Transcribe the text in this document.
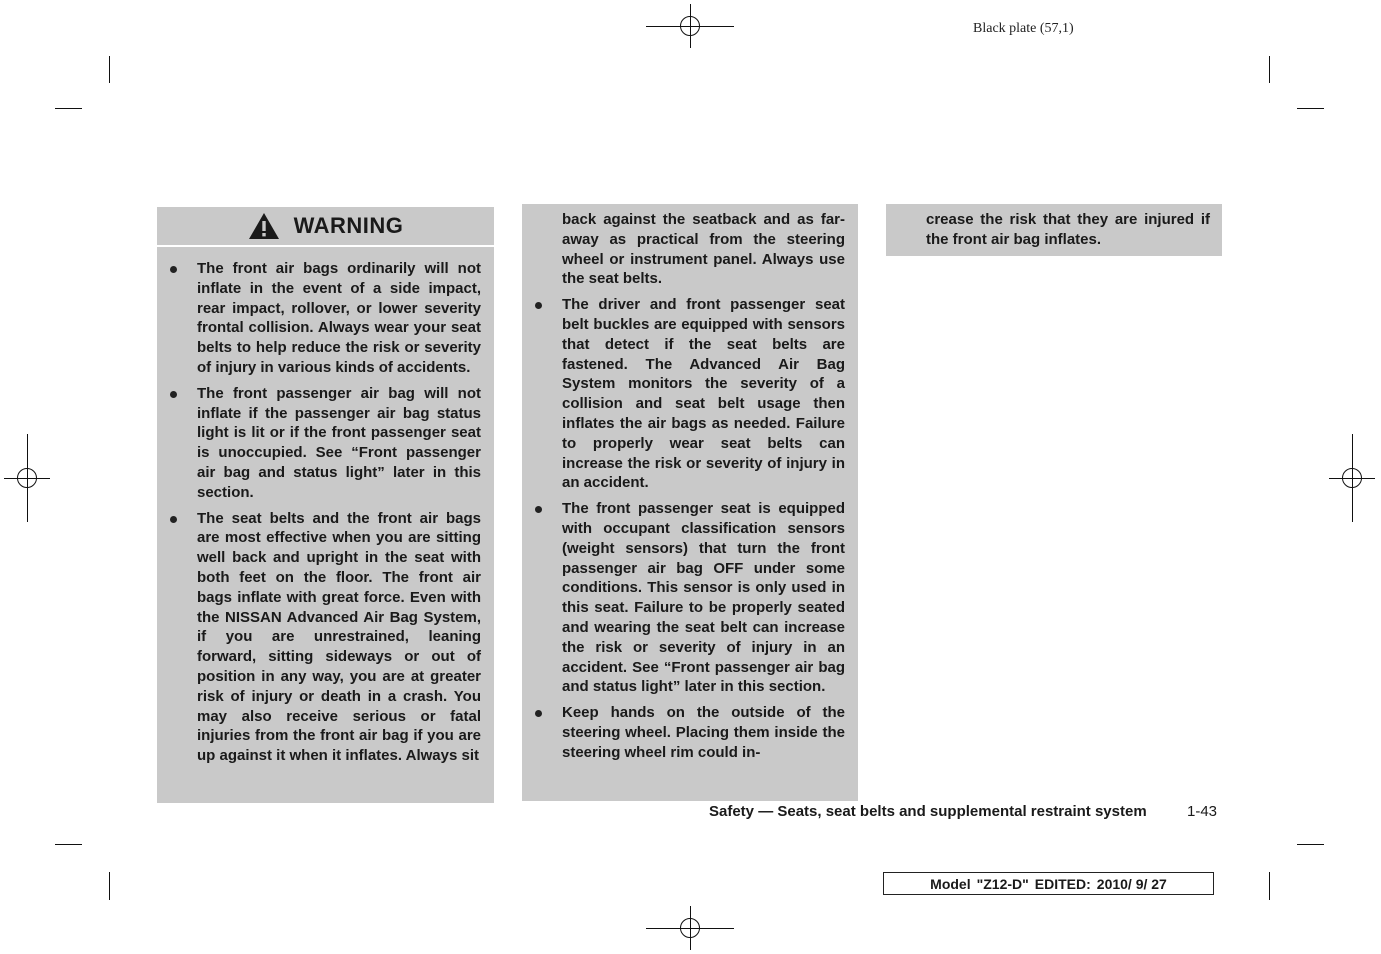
Black plate (57,1)
WARNING
The front air bags ordinarily will not inflate in the event of a side impact, rear impact, rollover, or lower severity frontal collision. Always wear your seat belts to help reduce the risk or severity of injury in various kinds of accidents.
The front passenger air bag will not inflate if the passenger air bag status light is lit or if the front passenger seat is unoccupied. See “Front passenger air bag and status light” later in this section.
The seat belts and the front air bags are most effective when you are sitting well back and upright in the seat with both feet on the floor. The front air bags inflate with great force. Even with the NISSAN Advanced Air Bag System, if you are unrestrained, leaning forward, sitting sideways or out of position in any way, you are at greater risk of injury or death in a crash. You may also receive serious or fatal injuries from the front air bag if you are up against it when it inflates. Always sit

back against the seatback and as far-away as practical from the steering wheel or instrument panel. Always use the seat belts.

The driver and front passenger seat belt buckles are equipped with sensors that detect if the seat belts are fastened. The Advanced Air Bag System monitors the severity of a collision and seat belt usage then inflates the air bags as needed. Failure to properly wear seat belts can increase the risk or severity of injury in an accident.
The front passenger seat is equipped with occupant classification sensors (weight sensors) that turn the front passenger air bag OFF under some conditions. This sensor is only used in this seat. Failure to be properly seated and wearing the seat belt can increase the risk or severity of injury in an accident. See “Front passenger air bag and status light” later in this section.
Keep hands on the outside of the steering wheel. Placing them inside the steering wheel rim could in-

crease the risk that they are injured if the front air bag inflates.

Safety — Seats, seat belts and supplemental restraint system	1-43
Model "Z12-D" EDITED: 2010/ 9/ 27
